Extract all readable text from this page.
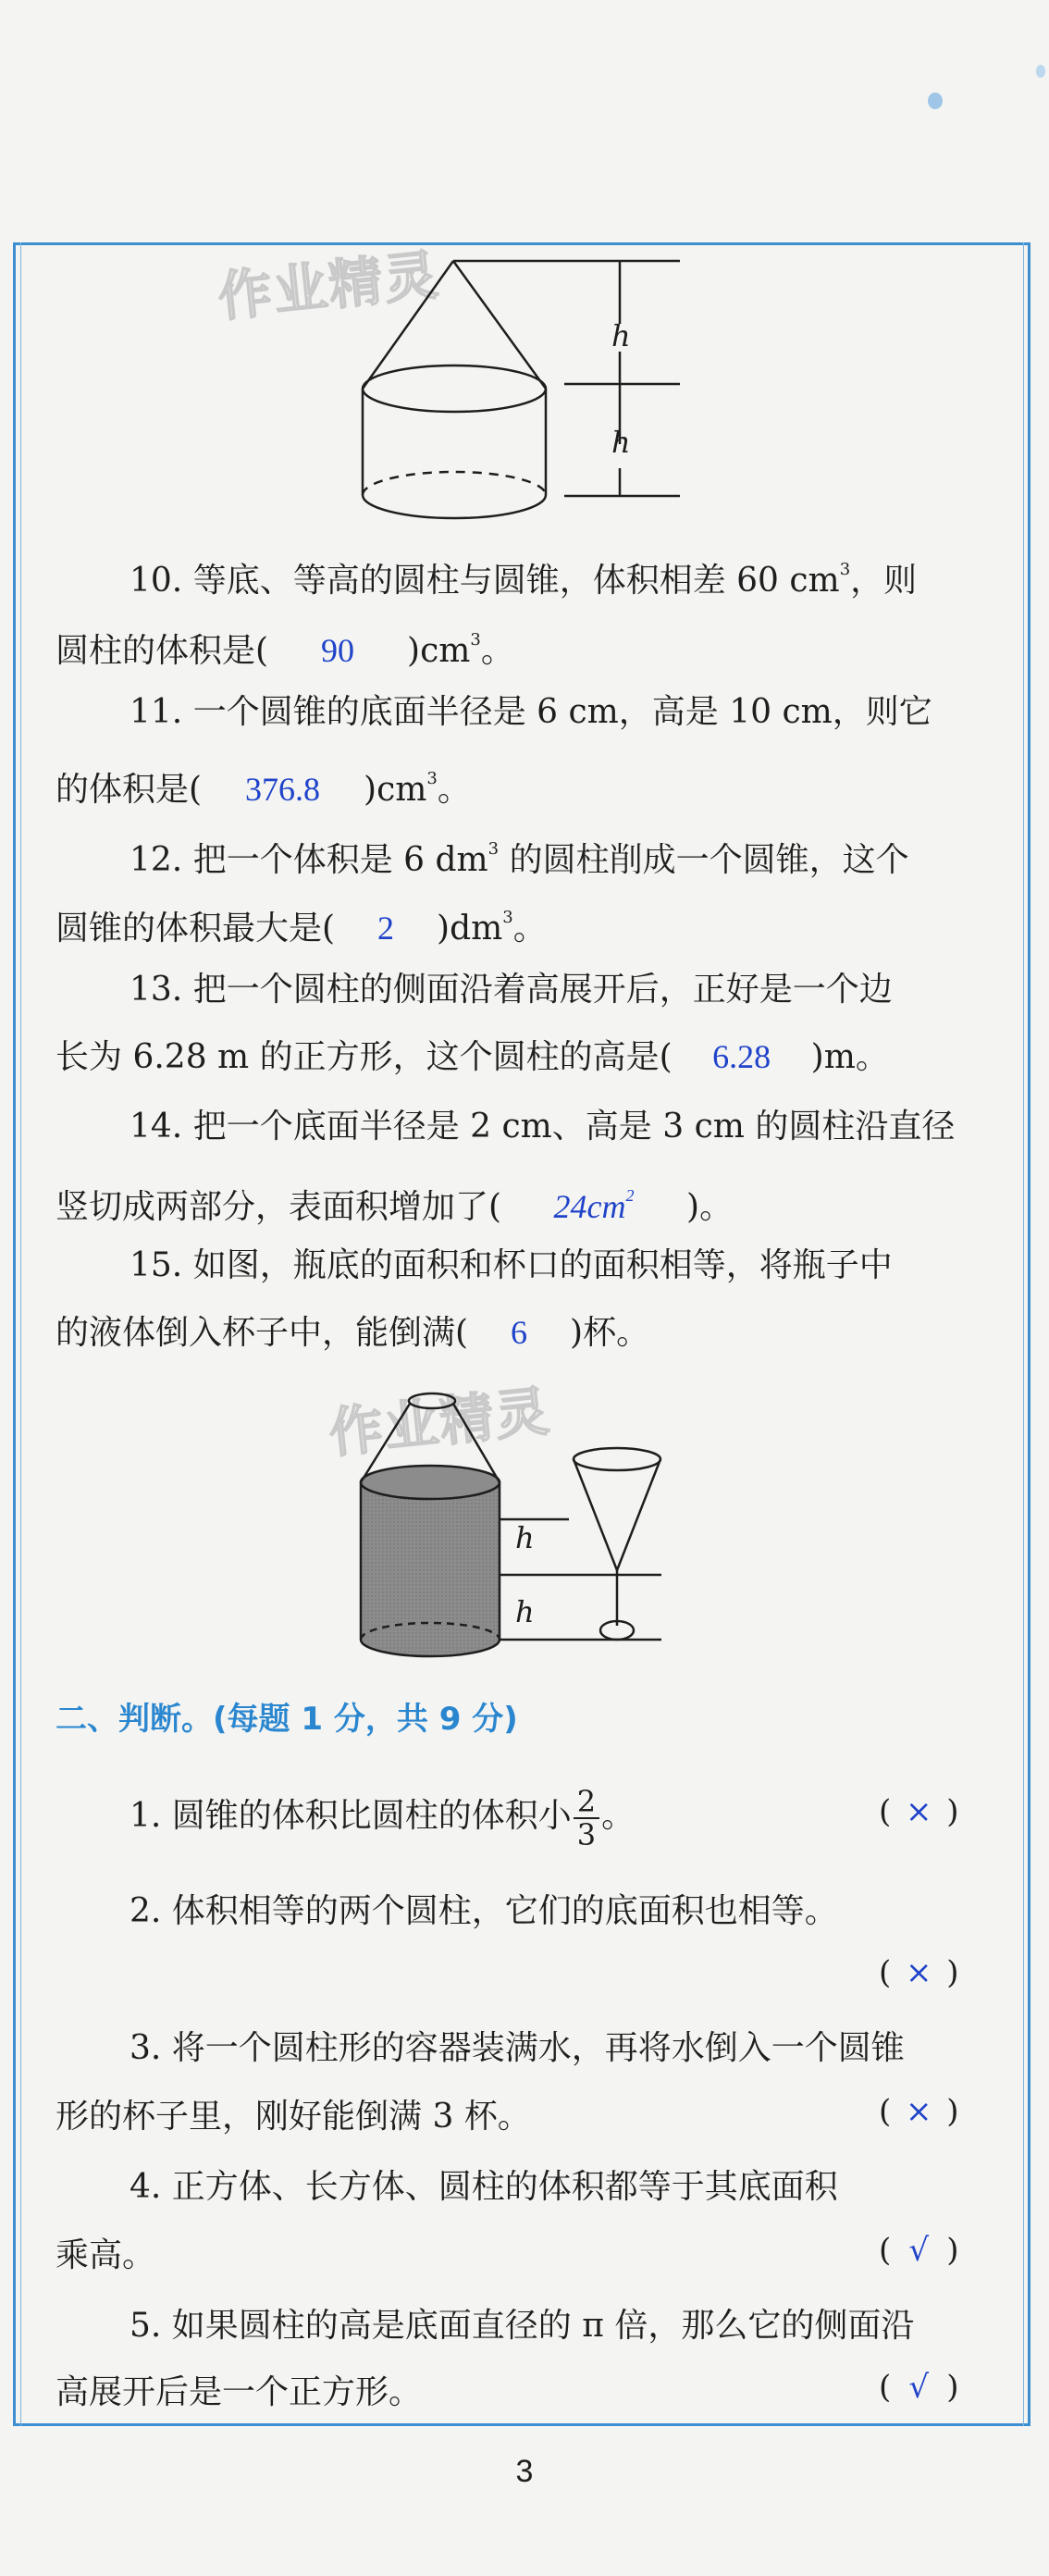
作业精灵
h
h
10. 等底、等高的圆柱与圆锥，体积相差 60 $cm^3$，则
圆柱的体积是( 90 )$cm^3$。
11. 一个圆锥的底面半径是 6 cm，高是 10 cm，则它
的体积是( 376.8 )$cm^3$。
12. 把一个体积是 6 $dm^3$ 的圆柱削成一个圆锥，这个
圆锥的体积最大是( 2 )$dm^3$。
13. 把一个圆柱的侧面沿着高展开后，正好是一个边
长为 6.28 m 的正方形，这个圆柱的高是( 6.28 )m。
14. 把一个底面半径是 2 cm、高是 3 cm 的圆柱沿直径
竖切成两部分，表面积增加了( $24cm^2$ )。
15. 如图，瓶底的面积和杯口的面积相等，将瓶子中
的液体倒入杯子中，能倒满( 6 )杯。
作业精灵
h
h
二、判断。(每题 1 分，共 9 分)
1. 圆锥的体积比圆柱的体积小 $\frac{2}{3}$ 。	( × )
2. 体积相等的两个圆柱，它们的底面积也相等。
( × )
3. 将一个圆柱形的容器装满水，再将水倒入一个圆锥
形的杯子里，刚好能倒满 3 杯。	( × )
4. 正方体、长方体、圆柱的体积都等于其底面积
乘高。	( √ )
5. 如果圆柱的高是底面直径的 π 倍，那么它的侧面沿
高展开后是一个正方形。	( √ )
3
